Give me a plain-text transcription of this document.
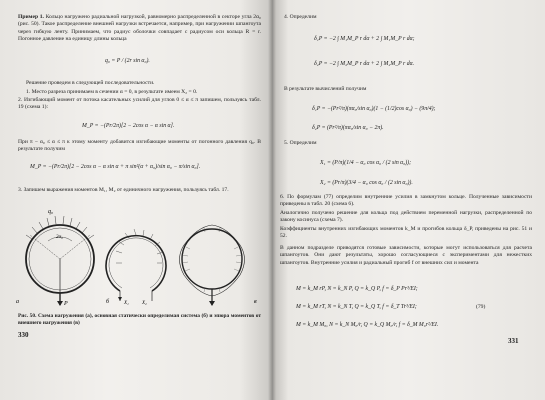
Пример 1. Кольцо нагружено радиальной нагрузкой, равномерно распределенной в секторе угла 2α₀ (рис. 50). Такое распределение внешней нагрузки встречается, например, при нагружении шпангоута через гибкую ленту. Принимаем, что радиус оболочки совпадает с радиусом оси кольца R = r. Погонное давление на единицу длины кольца
q₀ = P / (2r sin α₀).
Решение проведем в следующей последовательности.
1. Место разреза принимаем в сечении α = 0, в результате имеем X₂ = 0.
2. Изгибающий момент от потока касательных усилий для углов 0 ≤ α ≤ π запишем, пользуясь табл. 19 (схема 1):
M_P = −(Pr/2π)[2 − 2cos α − α sin α].
При π − α₀ ≤ α ≤ π к этому моменту добавится изгибающие моменты от погонного давления q₀. В результате получим
M_P = −(Pr/2π)[2 − 2cos α − α sin α + π sin²(α + α₀)/sin α₀ − π/sin α₀].
3. Запишем выражения моментов M₁, M₂ от единичного нагружения, пользуясь табл. 17.
q₀
2α₀
P
а	X₁	X₂
б	в
Рис. 50. Схема нагружения (а), основная статически определимая система (б) и эпюра моментов от внешнего нагружения (в)
330
4. Определим
δ₁P = −2 ∫ M₁M_P r dα + 2 ∫ M₁M_P r dα;
δ₂P = −2 ∫ M₂M_P r dα + 2 ∫ M₂M_P r dα.
В результате вычислений получим
δ₁P = −(Pr²/π)(πα₀/sin α₀)(1 − (1/2)cos α₀) − (9π/4);
δ₂P = (Pr²/π)(πα₀/sin α₀ − 2π).
5. Определим
X₁ = (P/π)(1/4 − α₀ cos α₀ / (2 sin α₀));
X₂ = (Pr/π)(3/4 − α₀ cos α₀ / (2 sin α₀)).
6. По формулам (77) определим внутренние усилия в замкнутом кольце. Полученные зависимости приведены в табл. 20 (схема 6).
Аналогично получено решение для кольца под действием переменной нагрузки, распределенной по закону косинуса (схема 7).
Коэффициенты внутренних изгибающих моментов k_M и прогибов кольца δ_P, приведены на рис. 51 и 52.
В данном подразделе приводятся готовые зависимости, которые могут использоваться для расчета шпангоутов. Они дают результаты, хорошо согласующиеся с экспериментами для нежестких шпангоутов. Внутренние усилия и радиальный прогиб f от внешних сил и момента
M = k_M rP, N = k_N P, Q = k_Q P, f = δ_P Pr³/EI;
M = k_M rT, N = k_N T, Q = k_Q T, f = δ_T Tr³/EI;	(79)
M = k_M M₀, N = k_N M₀/r, Q = k_Q M₀/r, f = δ_M M₀r²/EI.
331
